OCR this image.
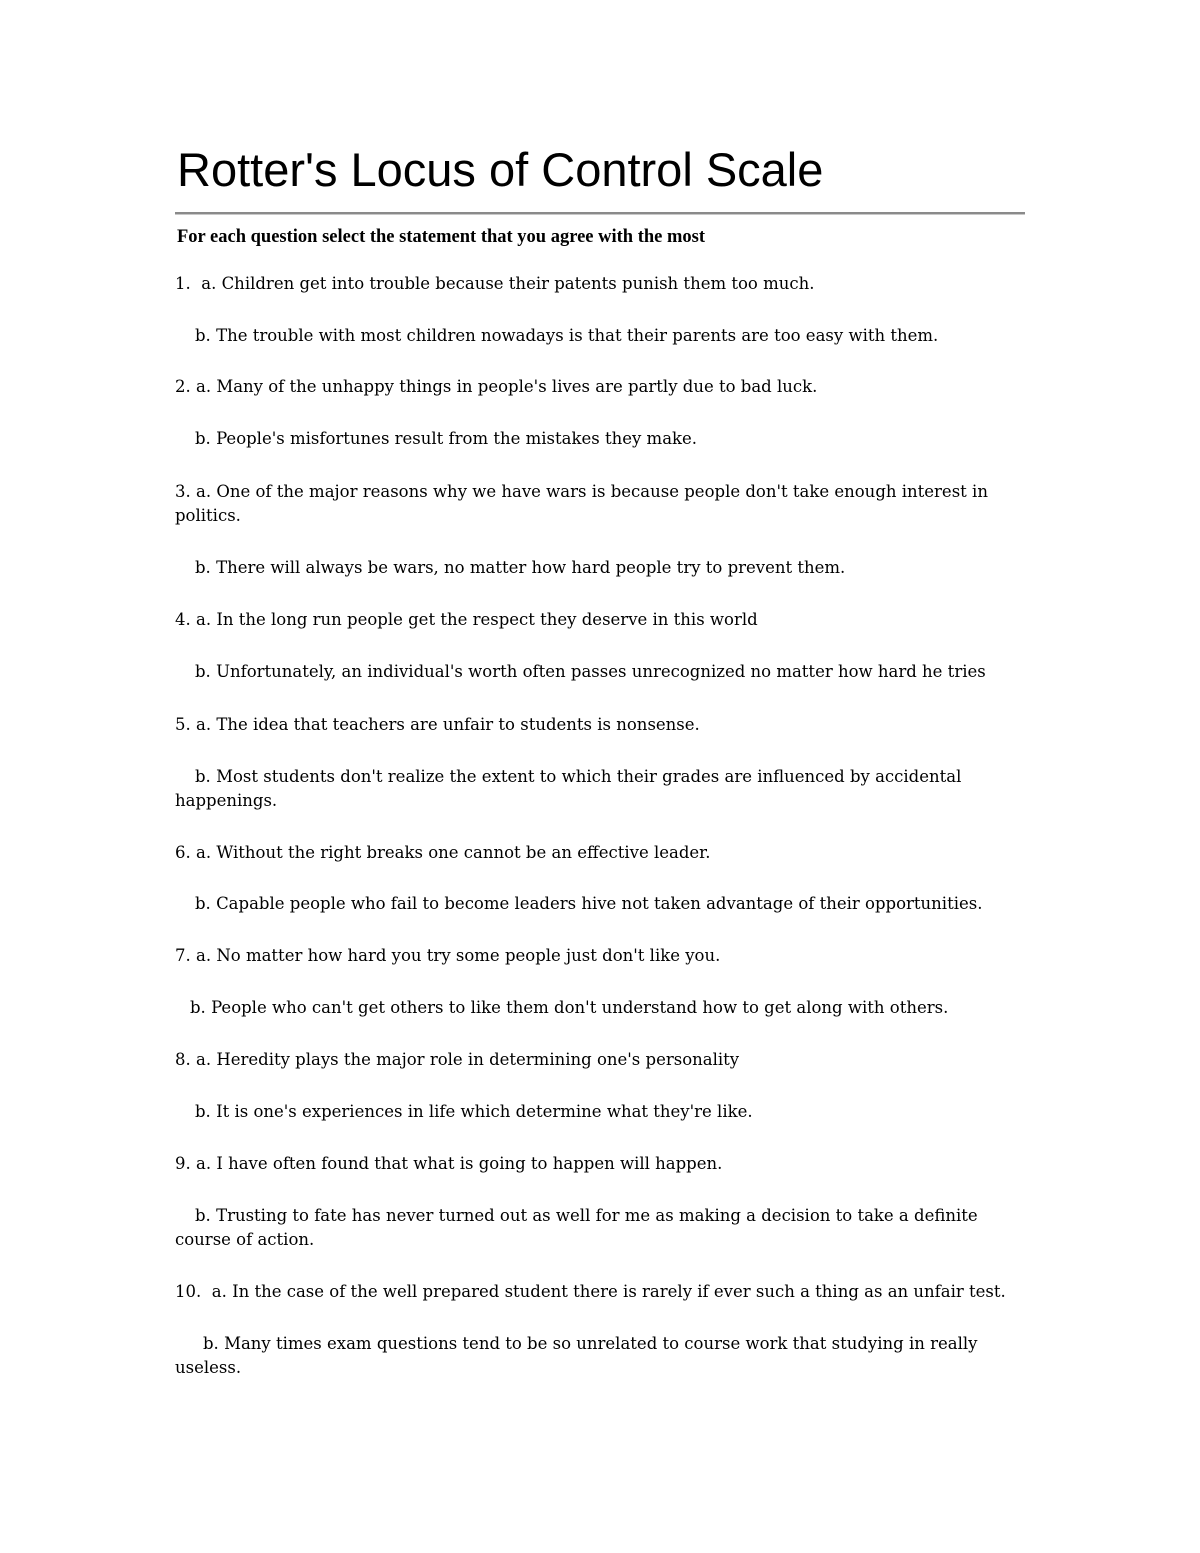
Rotter's Locus of Control Scale

For each question select the statement that you agree with the most

1.  a. Children get into trouble because their patents punish them too much.

b. The trouble with most children nowadays is that their parents are too easy with them.

2. a. Many of the unhappy things in people's lives are partly due to bad luck.

b. People's misfortunes result from the mistakes they make.

3. a. One of the major reasons why we have wars is because people don't take enough interest in politics.

b. There will always be wars, no matter how hard people try to prevent them.

4. a. In the long run people get the respect they deserve in this world

b. Unfortunately, an individual's worth often passes unrecognized no matter how hard he tries

5. a. The idea that teachers are unfair to students is nonsense.

b. Most students don't realize the extent to which their grades are influenced by accidental happenings.

6. a. Without the right breaks one cannot be an effective leader.

b. Capable people who fail to become leaders hive not taken advantage of their opportunities.

7. a. No matter how hard you try some people just don't like you.

b. People who can't get others to like them don't understand how to get along with others.

8. a. Heredity plays the major role in determining one's personality

b. It is one's experiences in life which determine what they're like.

9. a. I have often found that what is going to happen will happen.

b. Trusting to fate has never turned out as well for me as making a decision to take a definite course of action.

10.  a. In the case of the well prepared student there is rarely if ever such a thing as an unfair test.

b. Many times exam questions tend to be so unrelated to course work that studying in really useless.
